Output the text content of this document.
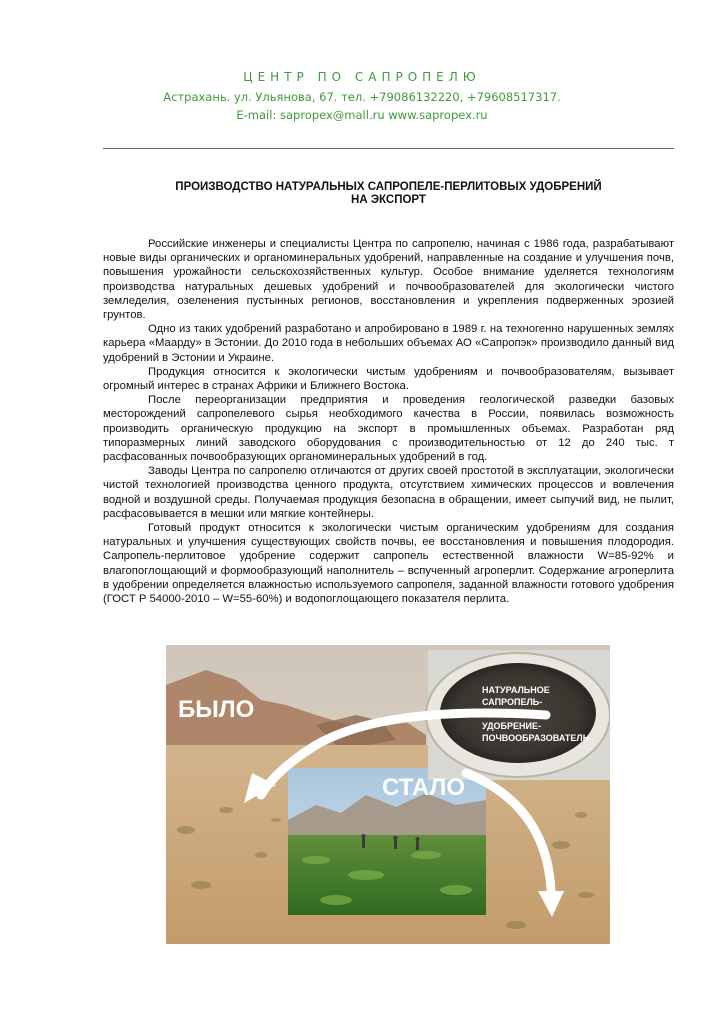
ЦЕНТР ПО САПРОПЕЛЮ
Астрахань. ул. Ульянова, 67. тел. +79086132220, +79608517317.
E-mail: sapropex@mall.ru www.sapropex.ru
ПРОИЗВОДСТВО НАТУРАЛЬНЫХ САПРОПЕЛЕ-ПЕРЛИТОВЫХ УДОБРЕНИЙ
НА ЭКСПОРТ

Российские инженеры и специалисты Центра по сапропелю, начиная с 1986 года, разрабатывают новые виды органических и органоминеральных удобрений, направленные на создание и улучшения почв, повышения урожайности сельскохозяйственных культур. Особое внимание уделяется технологиям производства натуральных дешевых удобрений и почвообразователей для экологически чистого земледелия, озеленения пустынных регионов, восстановления и укрепления подверженных эрозией грунтов.

Одно из таких удобрений разработано и апробировано в 1989 г. на техногенно нарушенных землях карьера «Маарду» в Эстонии. До 2010 года в небольших объемах АО «Сапропэк» производило данный вид удобрений в Эстонии и Украине.

Продукция относится к экологически чистым удобрениям и почвообразователям, вызывает огромный интерес в странах Африки и Ближнего Востока.

После переорганизации предприятия и проведения геологической разведки базовых месторождений сапропелевого сырья необходимого качества в России, появилась возможность производить органическую продукцию на экспорт в промышленных объемах. Разработан ряд типоразмерных линий заводского оборудования с производительностью от 12 до 240 тыс. т расфасованных почвообразующих органоминеральных удобрений в год.

Заводы Центра по сапропелю отличаются от других своей простотой в эксплуатации, экологически чистой технологией производства ценного продукта, отсутствием химических процессов и вовлечения водной и воздушной среды. Получаемая продукция безопасна в обращении, имеет сыпучий вид, не пылит, расфасовывается в мешки или мягкие контейнеры.

Готовый продукт относится к экологически чистым органическим удобрениям для создания натуральных и улучшения существующих свойств почвы, ее восстановления и повышения плодородия. Сапропель-перлитовое удобрение содержит сапропель естественной влажности W=85-92% и влагопоглощающий и формообразующий наполнитель – вспученный агроперлит. Содержание агроперлита в удобрении определяется влажностью используемого сапропеля, заданной влажности готового удобрения (ГОСТ Р 54000-2010 – W=55-60%) и водопоглощающего показателя перлита.

БЫЛО
СТАЛО
НАТУРАЛЬНОЕ
САПРОПЕЛЬ-
ПЕРЛИТОВОЕ
УДОБРЕНИЕ-
ПОЧВООБРАЗОВАТЕЛЬ
